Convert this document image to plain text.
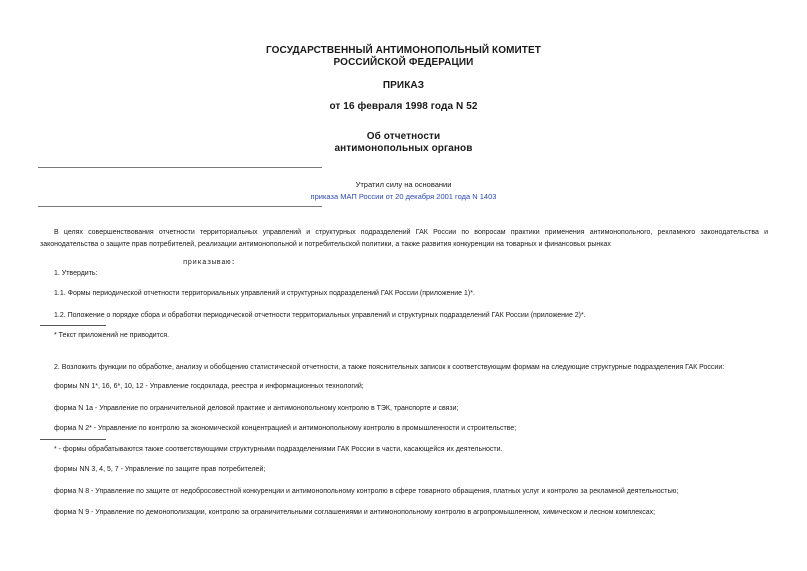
ГОСУДАРСТВЕННЫЙ АНТИМОНОПОЛЬНЫЙ КОМИТЕТ
РОССИЙСКОЙ ФЕДЕРАЦИИ
ПРИКАЗ
от 16 февраля 1998 года N 52
Об отчетности
антимонопольных органов
Утратил силу на основании
приказа МАП России от 20 декабря 2001 года N 1403
В целях совершенствования отчетности территориальных управлений и структурных подразделений ГАК России по вопросам практики применения антимонопольного, рекламного законодательства и законодательства о защите прав потребителей, реализации антимонопольной и потребительской политики, а также развития конкуренции на товарных и финансовых рынках
приказываю:
1. Утвердить:
1.1. Формы периодической отчетности территориальных управлений и структурных подразделений ГАК России (приложение 1)*.
1.2. Положение о порядке сбора и обработки периодической отчетности территориальных управлений и структурных подразделений ГАК России (приложение 2)*.
* Текст приложений не приводится.
2. Возложить функции по обработке, анализу и обобщению статистической отчетности, а также пояснительных записок к соответствующим формам на следующие структурные подразделения ГАК России:
формы NN 1*, 16, 6*, 10, 12 - Управление госдоклада, реестра и информационных технологий;
форма N 1а - Управление по ограничительной деловой практике и антимонопольному контролю в ТЭК, транспорте и связи;
форма N 2* - Управление по контролю за экономической концентрацией и антимонопольному контролю в промышленности и строительстве;
* - формы обрабатываются также соответствующими структурными подразделениями ГАК России в части, касающейся их деятельности.
формы NN 3, 4, 5, 7 - Управление по защите прав потребителей;
форма N 8 - Управление по защите от недобросовестной конкуренции и антимонопольному контролю в сфере товарного обращения, платных услуг и контролю за рекламной деятельностью;
форма N 9 - Управление по демонополизации, контролю за ограничительными соглашениями и антимонопольному контролю в агропромышленном, химическом и лесном комплексах;
